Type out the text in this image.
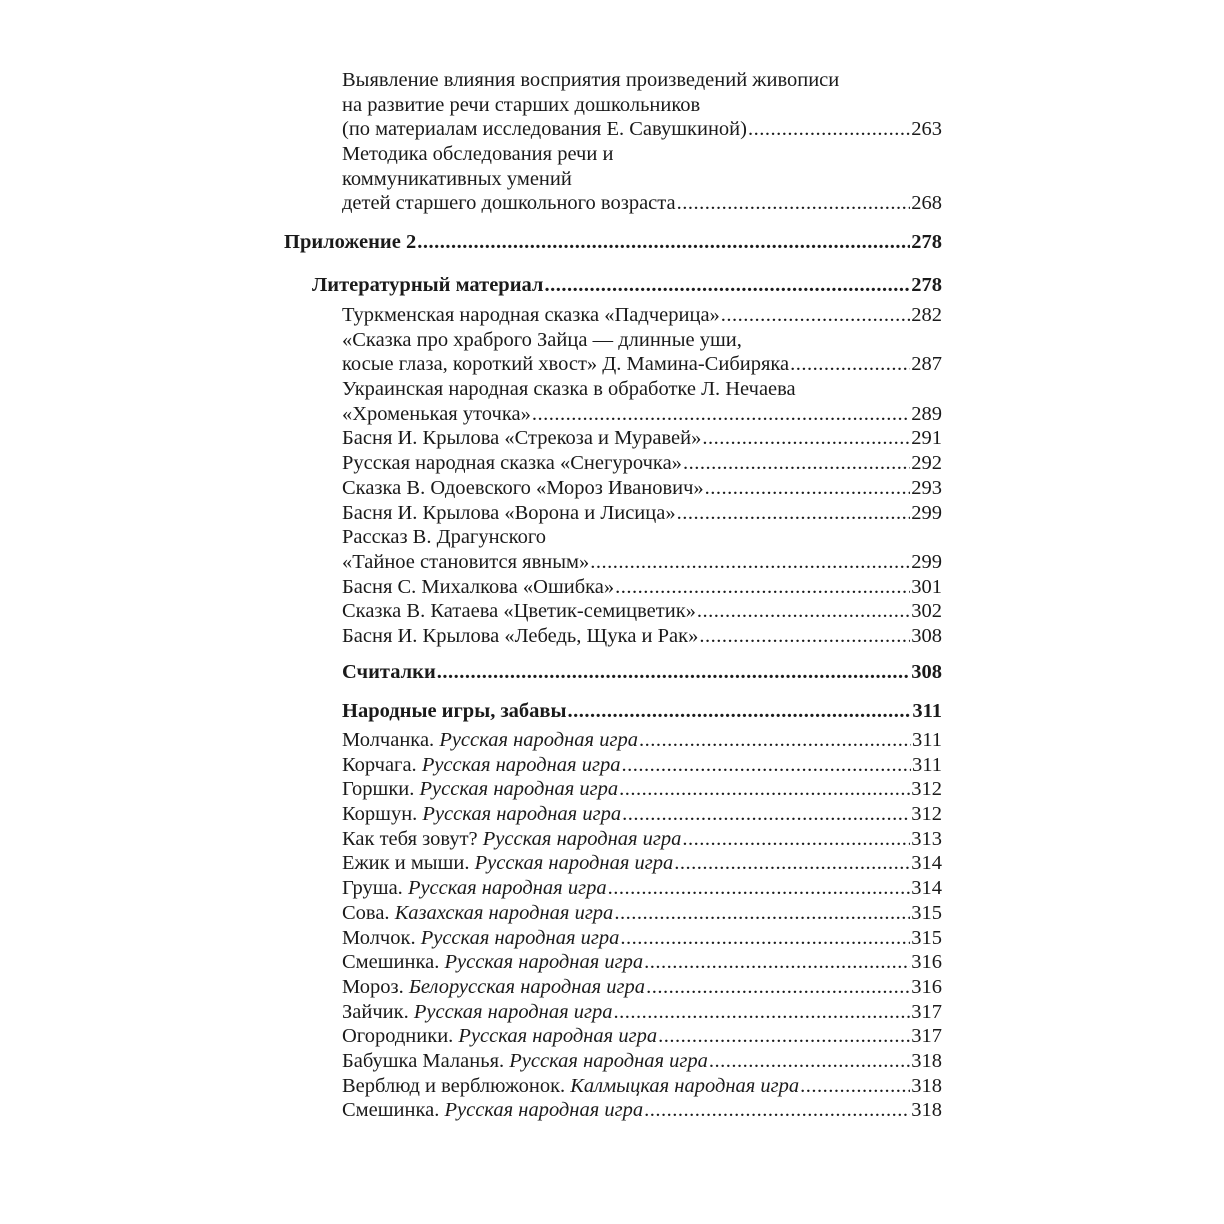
Выявление влияния восприятия произведений живописи
на развитие речи старших дошкольников
(по материалам исследования Е. Савушкиной) .....	263
Методика обследования речи и
коммуникативных умений
детей старшего дошкольного возраста .....	268
Приложение 2 .....	278
Литературный материал .....	278
Туркменская народная сказка «Падчерица» .....	282
«Сказка про храброго Зайца — длинные уши,
косые глаза, короткий хвост» Д. Мамина-Сибиряка .....	287
Украинская народная сказка в обработке Л. Нечаева
«Хроменькая уточка» .....	289
Басня И. Крылова «Стрекоза и Муравей» .....	291
Русская народная сказка «Снегурочка» .....	292
Сказка В. Одоевского «Мороз Иванович» .....	293
Басня И. Крылова «Ворона и Лисица» .....	299
Рассказ В. Драгунского
«Тайное становится явным» .....	299
Басня С. Михалкова «Ошибка» .....	301
Сказка В. Катаева «Цветик-семицветик» .....	302
Басня И. Крылова «Лебедь, Щука и Рак» .....	308
Считалки .....	308
Народные игры, забавы .....	311
Молчанка. Русская народная игра .....	311
Корчага. Русская народная игра .....	311
Горшки. Русская народная игра .....	312
Коршун. Русская народная игра .....	312
Как тебя зовут? Русская народная игра .....	313
Ежик и мыши. Русская народная игра .....	314
Груша. Русская народная игра .....	314
Сова. Казахская народная игра .....	315
Молчок. Русская народная игра .....	315
Смешинка. Русская народная игра .....	316
Мороз. Белорусская народная игра .....	316
Зайчик. Русская народная игра .....	317
Огородники. Русская народная игра .....	317
Бабушка Маланья. Русская народная игра .....	318
Верблюд и верблюжонок. Калмыцкая народная игра .....	318
Смешинка. Русская народная игра .....	318
